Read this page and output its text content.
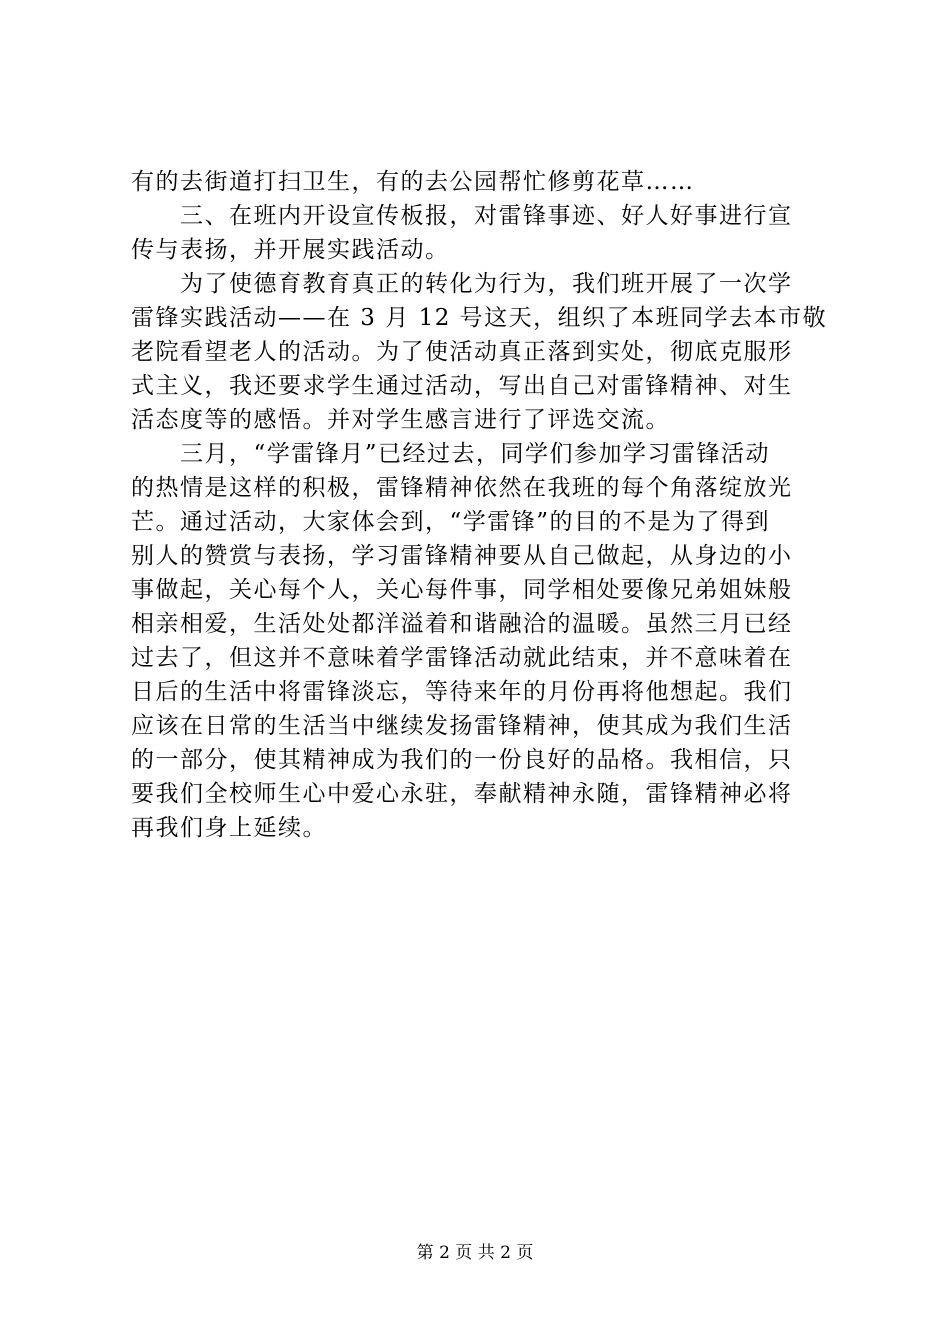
有的去街道打扫卫生，有的去公园帮忙修剪花草……
三、在班内开设宣传板报，对雷锋事迹、好人好事进行宣
传与表扬，并开展实践活动。
为了使德育教育真正的转化为行为，我们班开展了一次学
雷锋实践活动——在 3 月 12 号这天，组织了本班同学去本市敬
老院看望老人的活动。为了使活动真正落到实处，彻底克服形
式主义，我还要求学生通过活动，写出自己对雷锋精神、对生
活态度等的感悟。并对学生感言进行了评选交流。
三月，“学雷锋月”已经过去，同学们参加学习雷锋活动
的热情是这样的积极，雷锋精神依然在我班的每个角落绽放光
芒。通过活动，大家体会到，“学雷锋”的目的不是为了得到
别人的赞赏与表扬，学习雷锋精神要从自己做起，从身边的小
事做起，关心每个人，关心每件事，同学相处要像兄弟姐妹般
相亲相爱，生活处处都洋溢着和谐融洽的温暖。虽然三月已经
过去了，但这并不意味着学雷锋活动就此结束，并不意味着在
日后的生活中将雷锋淡忘，等待来年的月份再将他想起。我们
应该在日常的生活当中继续发扬雷锋精神，使其成为我们生活
的一部分，使其精神成为我们的一份良好的品格。我相信，只
要我们全校师生心中爱心永驻，奉献精神永随，雷锋精神必将
再我们身上延续。
第 2 页 共 2 页
